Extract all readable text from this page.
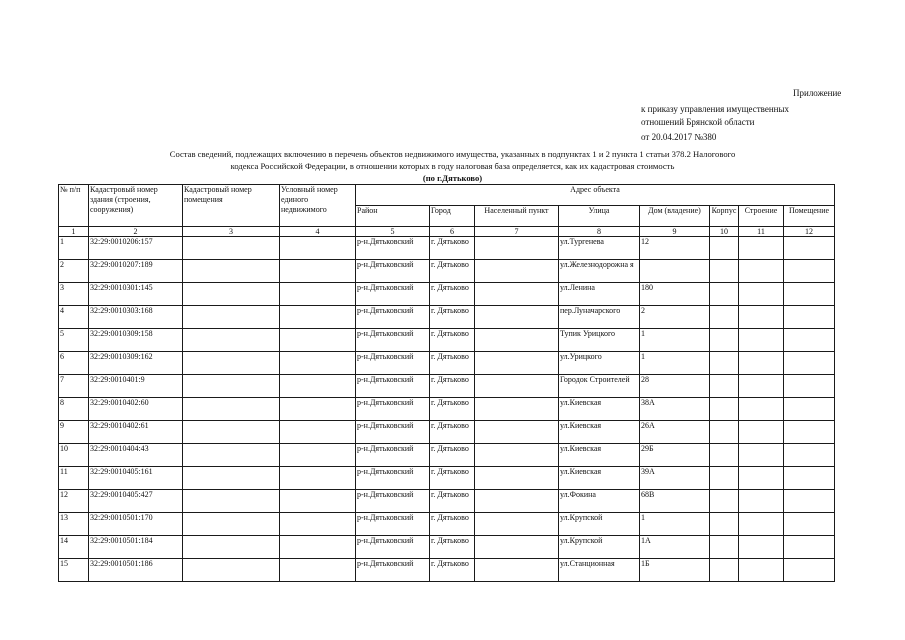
Приложение
к приказу управления имущественных
отношений Брянской области
от 20.04.2017 №380
Состав сведений, подлежащих включению в перечень объектов недвижимого имущества, указанных в подпунктах 1 и 2 пункта 1 статьи 378.2 Налогового
кодекса Российской Федерации, в отношении которых в году налоговая база определяется, как их кадастровая стоимость
(по г.Дятьково)
№ п/п	Кадастровый номер здания (строения, сооружения)	Кадастровый номер помещения	Условный номер единого недвижимого	Адрес объекта							
				Район	Город	Населенный пункт	Улица	Дом (владение)	Корпус	Строение	Помещение
1	2	3	4	5	6	7	8	9	10	11	12
1	32:29:0010206:157			р-н.Дятьковский	г. Дятьково		ул.Тургенева	12			
2	32:29:0010207:189			р-н.Дятьковский	г. Дятьково		ул.Железнодорожна я				
3	32:29:0010301:145			р-н.Дятьковский	г. Дятьково		ул.Ленина	180			
4	32:29:0010303:168			р-н.Дятьковский	г. Дятьково		пер.Луначарского	2			
5	32:29:0010309:158			р-н.Дятьковский	г. Дятьково		Тупик Урицкого	1			
6	32:29:0010309:162			р-н.Дятьковский	г. Дятьково		ул.Урицкого	1			
7	32:29:0010401:9			р-н.Дятьковский	г. Дятьково		Городок Строителей	28			
8	32:29:0010402:60			р-н.Дятьковский	г. Дятьково		ул.Киевская	38А			
9	32:29:0010402:61			р-н.Дятьковский	г. Дятьково		ул.Киевская	26А			
10	32:29:0010404:43			р-н.Дятьковский	г. Дятьково		ул.Киевская	29Б			
11	32:29:0010405:161			р-н.Дятьковский	г. Дятьково		ул.Киевская	39А			
12	32:29:0010405:427			р-н.Дятьковский	г. Дятьково		ул.Фокина	68В			
13	32:29:0010501:170			р-н.Дятьковский	г. Дятьково		ул.Крупской	1			
14	32:29:0010501:184			р-н.Дятьковский	г. Дятьково		ул.Крупской	1А			
15	32:29:0010501:186			р-н.Дятьковский	г. Дятьково		ул.Станционная	1Б			
